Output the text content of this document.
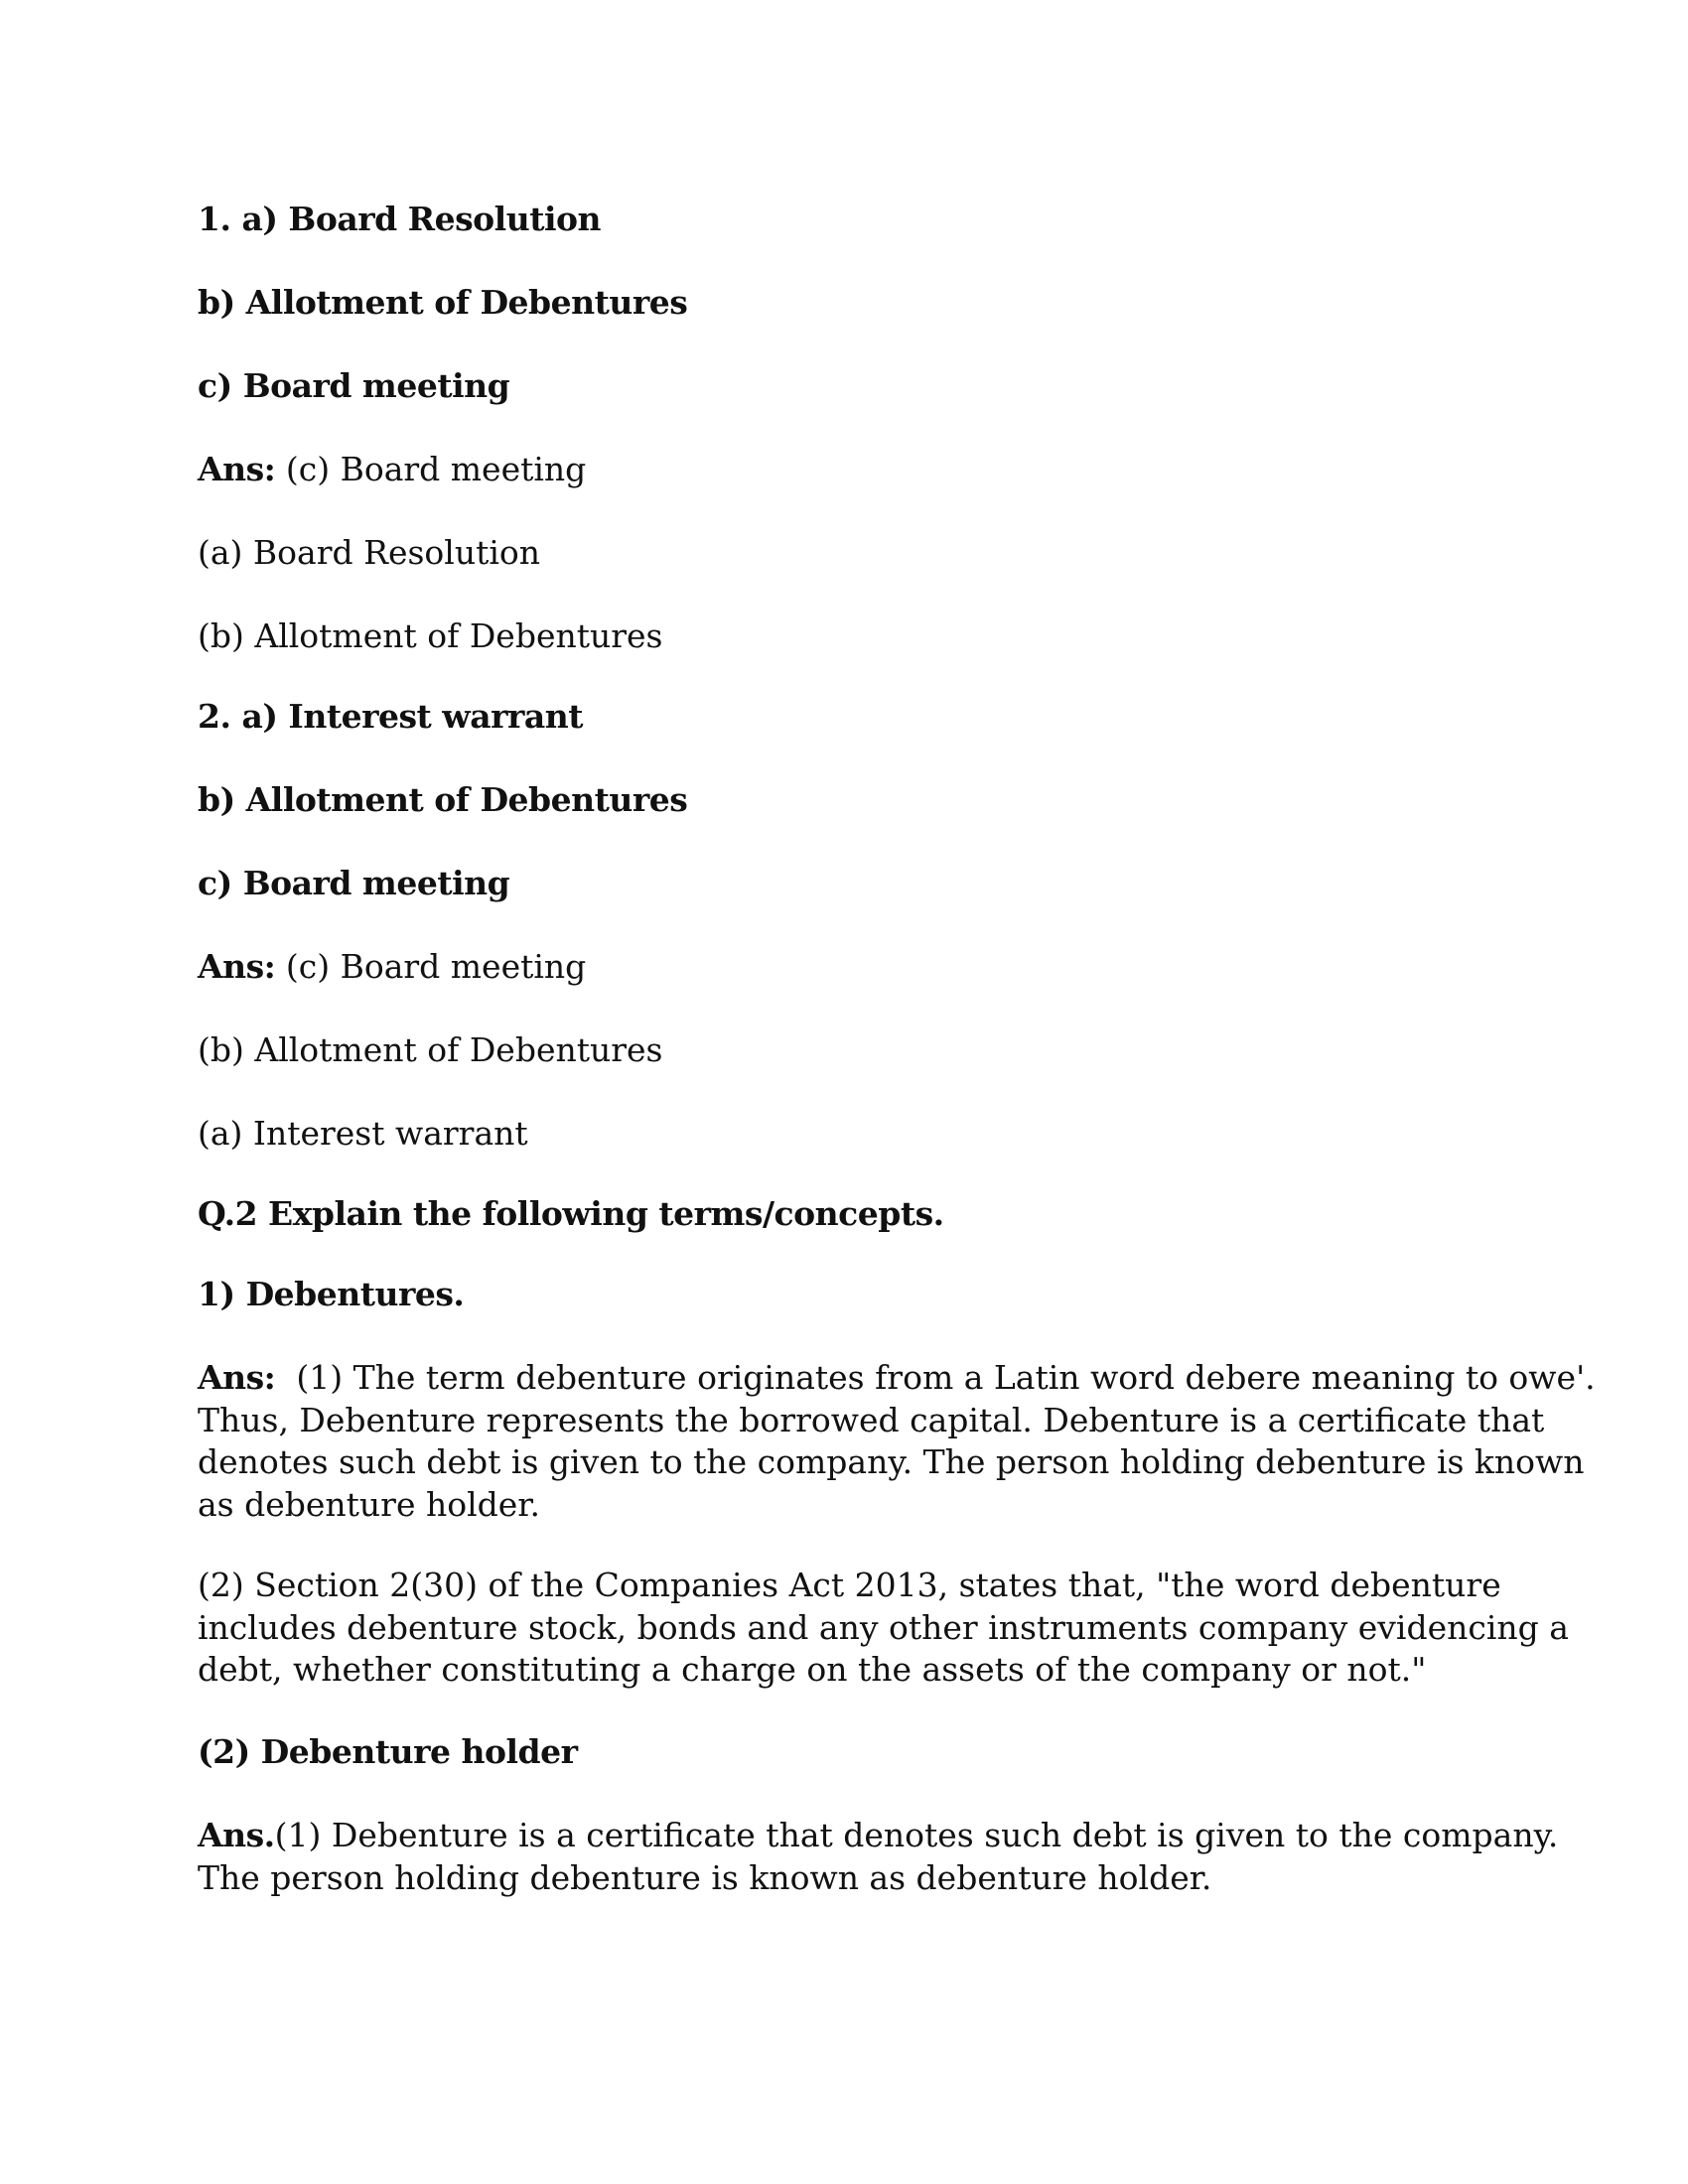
1. a) Board Resolution
b) Allotment of Debentures
c) Board meeting
Ans: (c) Board meeting
(a) Board Resolution
(b) Allotment of Debentures
2. a) Interest warrant
b) Allotment of Debentures
c) Board meeting
Ans: (c) Board meeting
(b) Allotment of Debentures
(a) Interest warrant
Q.2 Explain the following terms/concepts.
1) Debentures.
Ans:  (1) The term debenture originates from a Latin word debere meaning to owe'.
Thus, Debenture represents the borrowed capital. Debenture is a certificate that
denotes such debt is given to the company. The person holding debenture is known
as debenture holder.
(2) Section 2(30) of the Companies Act 2013, states that, "the word debenture
includes debenture stock, bonds and any other instruments company evidencing a
debt, whether constituting a charge on the assets of the company or not."
(2) Debenture holder
Ans.(1) Debenture is a certificate that denotes such debt is given to the company.
The person holding debenture is known as debenture holder.
